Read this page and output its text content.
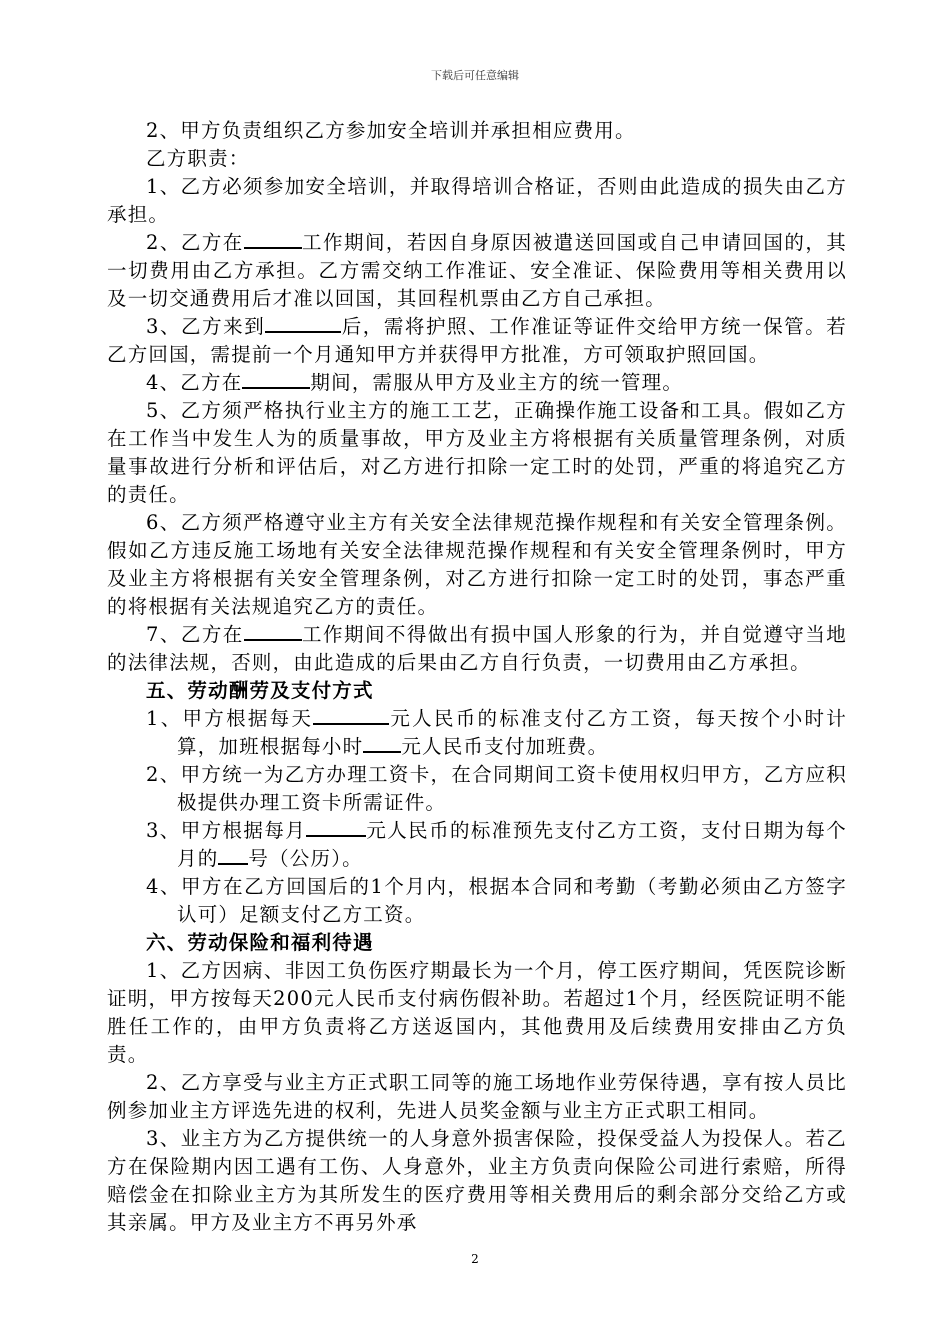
下载后可任意编辑

2、甲方负责组织乙方参加安全培训并承担相应费用。

乙方职责：

1、乙方必须参加安全培训，并取得培训合格证，否则由此造成的损失由乙方承担。

2、乙方在	工作期间，若因自身原因被遣送回国或自己申请回国的，其一切费用由乙方承担。乙方需交纳工作准证、安全准证、保险费用等相关费用以及一切交通费用后才准以回国，其回程机票由乙方自己承担。

3、乙方来到	后，需将护照、工作准证等证件交给甲方统一保管。若乙方回国，需提前一个月通知甲方并获得甲方批准，方可领取护照回国。

4、乙方在	期间，需服从甲方及业主方的统一管理。

5、乙方须严格执行业主方的施工工艺，正确操作施工设备和工具。假如乙方在工作当中发生人为的质量事故，甲方及业主方将根据有关质量管理条例，对质量事故进行分析和评估后，对乙方进行扣除一定工时的处罚，严重的将追究乙方的责任。

6、乙方须严格遵守业主方有关安全法律规范操作规程和有关安全管理条例。假如乙方违反施工场地有关安全法律规范操作规程和有关安全管理条例时，甲方及业主方将根据有关安全管理条例，对乙方进行扣除一定工时的处罚，事态严重的将根据有关法规追究乙方的责任。

7、乙方在	工作期间不得做出有损中国人形象的行为，并自觉遵守当地的法律法规，否则，由此造成的后果由乙方自行负责，一切费用由乙方承担。

五、劳动酬劳及支付方式

1、甲方根据每天	元人民币的标准支付乙方工资，每天按个小时计算，加班根据每小时 元人民币支付加班费。

2、甲方统一为乙方办理工资卡，在合同期间工资卡使用权归甲方，乙方应积极提供办理工资卡所需证件。

3、甲方根据每月	元人民币的标准预先支付乙方工资，支付日期为每个月的 号（公历）。

4、甲方在乙方回国后的1个月内，根据本合同和考勤（考勤必须由乙方签字认可）足额支付乙方工资。

六、劳动保险和福利待遇

1、乙方因病、非因工负伤医疗期最长为一个月，停工医疗期间，凭医院诊断证明，甲方按每天200元人民币支付病伤假补助。若超过1个月，经医院证明不能胜任工作的，由甲方负责将乙方送返国内，其他费用及后续费用安排由乙方负责。

2、乙方享受与业主方正式职工同等的施工场地作业劳保待遇，享有按人员比例参加业主方评选先进的权利，先进人员奖金额与业主方正式职工相同。

3、业主方为乙方提供统一的人身意外损害保险，投保受益人为投保人。若乙方在保险期内因工遇有工伤、人身意外，业主方负责向保险公司进行索赔，所得赔偿金在扣除业主方为其所发生的医疗费用等相关费用后的剩余部分交给乙方或其亲属。甲方及业主方不再另外承

2
